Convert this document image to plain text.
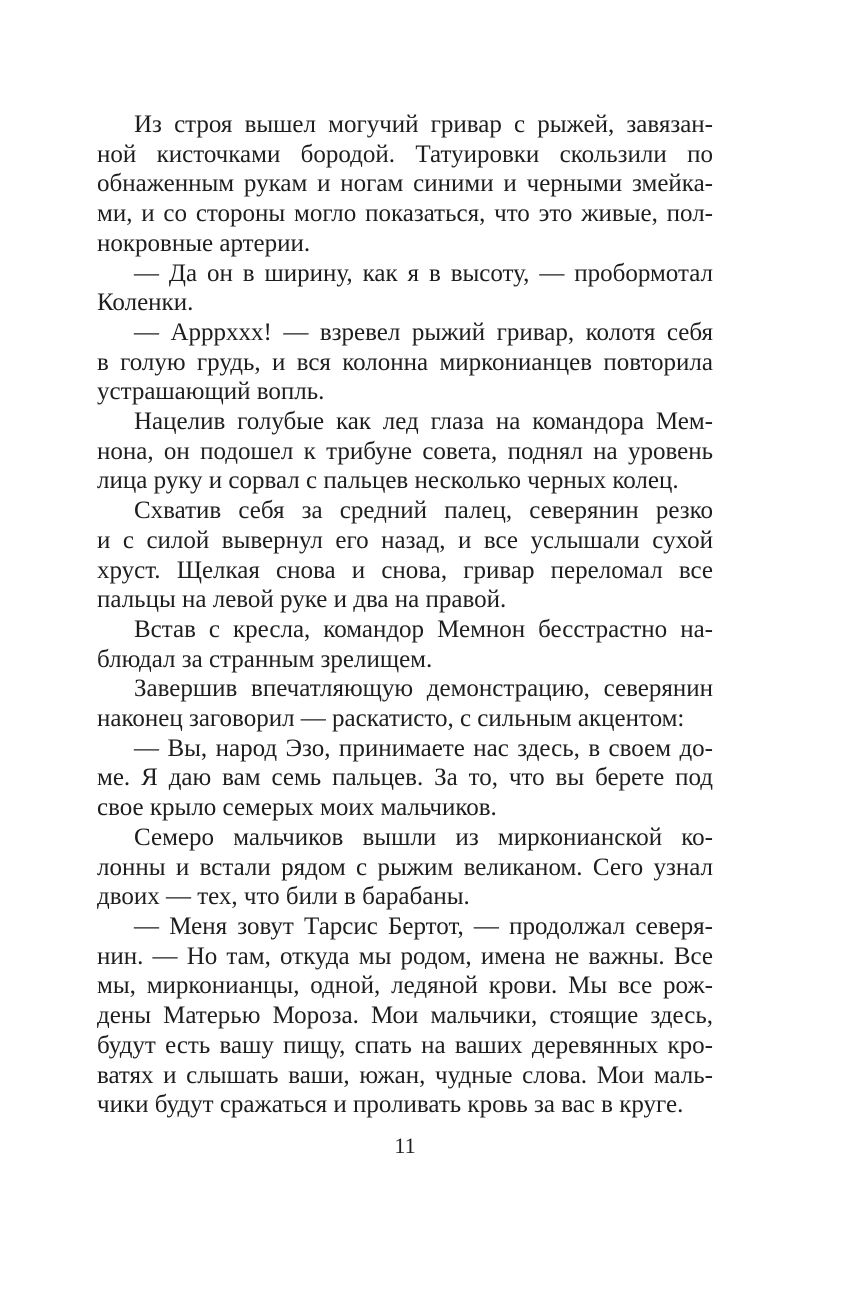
Из строя вышел могучий гривар с рыжей, завязан-
ной кисточками бородой. Татуировки скользили по
обнаженным рукам и ногам синими и черными змейка-
ми, и со стороны могло показаться, что это живые, пол-
нокровные артерии.
— Да он в ширину, как я в высоту, — пробормотал
Коленки.
— Арррххх! — взревел рыжий гривар, колотя себя
в голую грудь, и вся колонна мирконианцев повторила
устрашающий вопль.
Нацелив голубые как лед глаза на командора Мем-
нона, он подошел к трибуне совета, поднял на уровень
лица руку и сорвал с пальцев несколько черных колец.
Схватив себя за средний палец, северянин резко
и с силой вывернул его назад, и все услышали сухой
хруст. Щелкая снова и снова, гривар переломал все
пальцы на левой руке и два на правой.
Встав с кресла, командор Мемнон бесстрастно на-
блюдал за странным зрелищем.
Завершив впечатляющую демонстрацию, северянин
наконец заговорил — раскатисто, с сильным акцентом:
— Вы, народ Эзо, принимаете нас здесь, в своем до-
ме. Я даю вам семь пальцев. За то, что вы берете под
свое крыло семерых моих мальчиков.
Семеро мальчиков вышли из мирконианской ко-
лонны и встали рядом с рыжим великаном. Сего узнал
двоих — тех, что били в барабаны.
— Меня зовут Тарсис Бертот, — продолжал северя-
нин. — Но там, откуда мы родом, имена не важны. Все
мы, мирконианцы, одной, ледяной крови. Мы все рож-
дены Матерью Мороза. Мои мальчики, стоящие здесь,
будут есть вашу пищу, спать на ваших деревянных кро-
ватях и слышать ваши, южан, чудные слова. Мои маль-
чики будут сражаться и проливать кровь за вас в круге.
11
